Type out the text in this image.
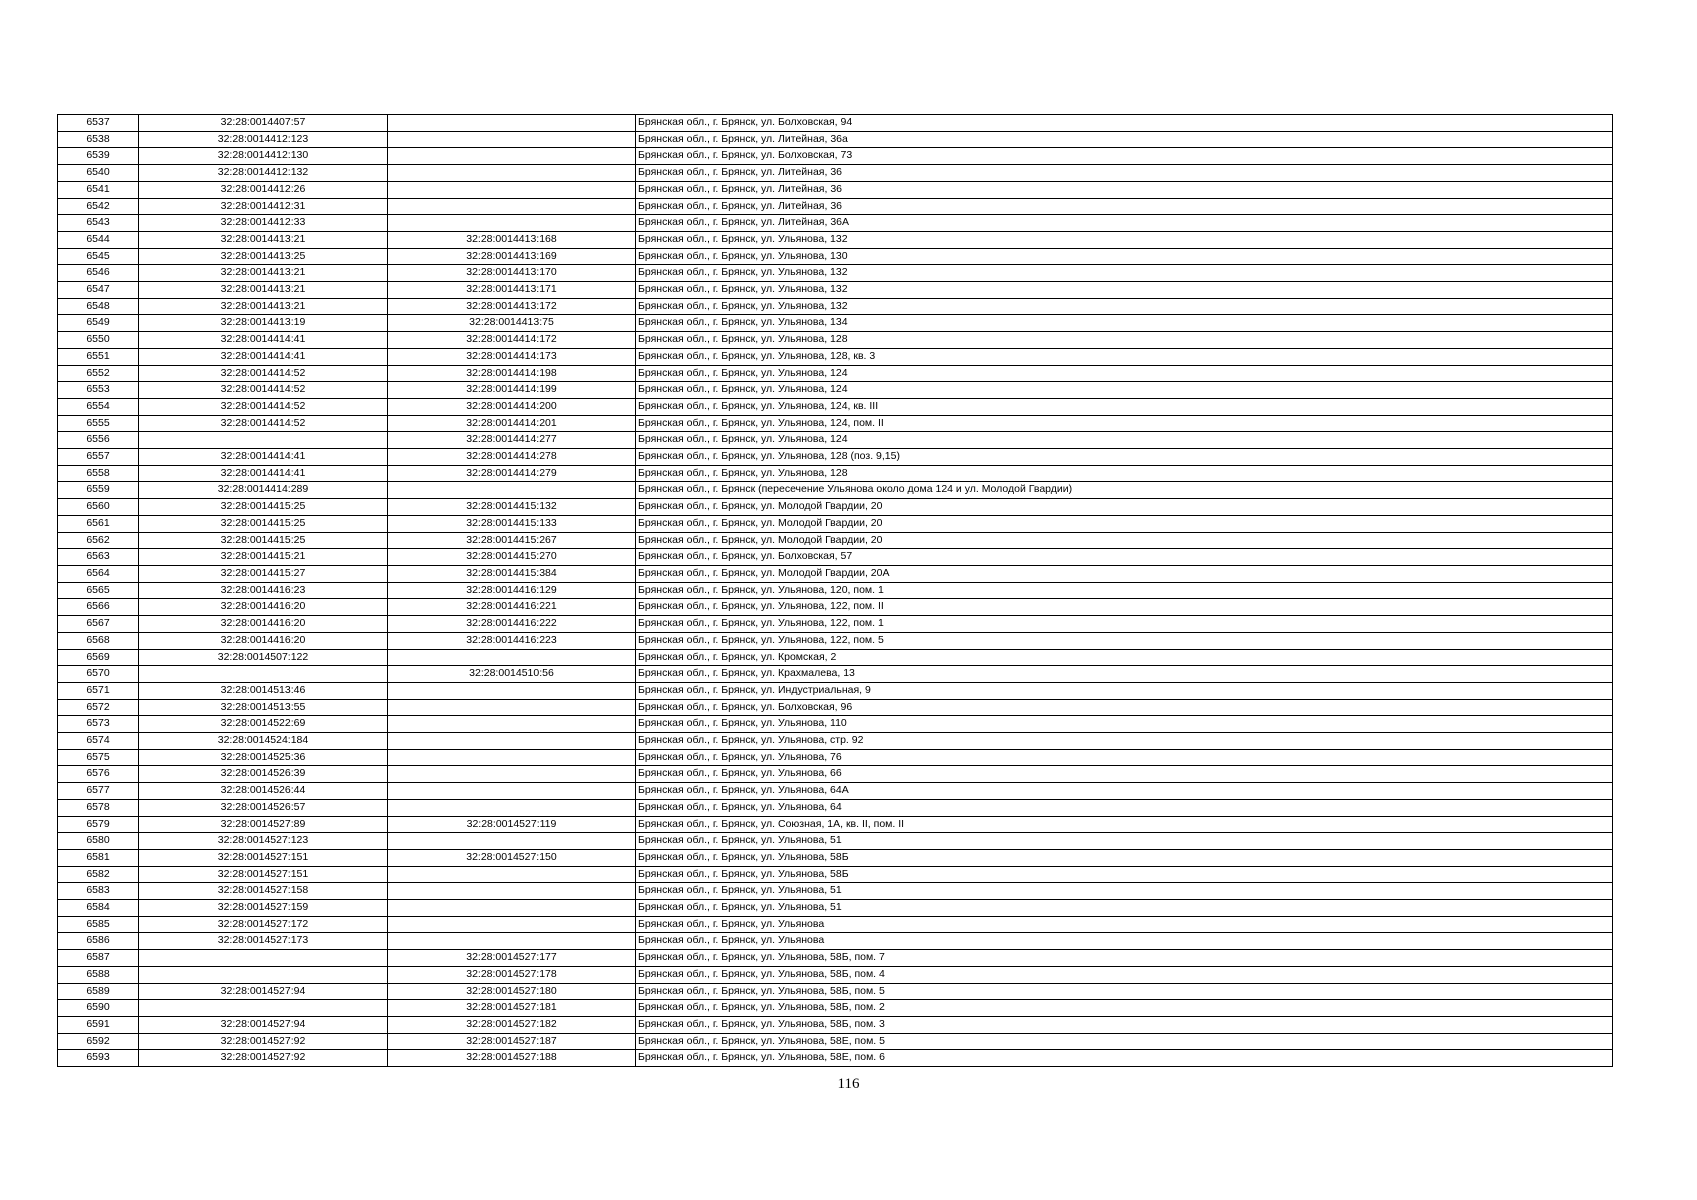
6537	32:28:0014407:57		Брянская обл., г. Брянск, ул. Болховская, 94
6538	32:28:0014412:123		Брянская обл., г. Брянск, ул. Литейная, 36а
6539	32:28:0014412:130		Брянская обл., г. Брянск, ул. Болховская, 73
6540	32:28:0014412:132		Брянская обл., г. Брянск, ул. Литейная, 36
6541	32:28:0014412:26		Брянская обл., г. Брянск, ул. Литейная, 36
6542	32:28:0014412:31		Брянская обл., г. Брянск, ул. Литейная, 36
6543	32:28:0014412:33		Брянская обл., г. Брянск, ул. Литейная, 36А
6544	32:28:0014413:21	32:28:0014413:168	Брянская обл., г. Брянск, ул. Ульянова, 132
6545	32:28:0014413:25	32:28:0014413:169	Брянская обл., г. Брянск, ул. Ульянова, 130
6546	32:28:0014413:21	32:28:0014413:170	Брянская обл., г. Брянск, ул. Ульянова, 132
6547	32:28:0014413:21	32:28:0014413:171	Брянская обл., г. Брянск, ул. Ульянова, 132
6548	32:28:0014413:21	32:28:0014413:172	Брянская обл., г. Брянск, ул. Ульянова, 132
6549	32:28:0014413:19	32:28:0014413:75	Брянская обл., г. Брянск, ул. Ульянова, 134
6550	32:28:0014414:41	32:28:0014414:172	Брянская обл., г. Брянск, ул. Ульянова, 128
6551	32:28:0014414:41	32:28:0014414:173	Брянская обл., г. Брянск, ул. Ульянова, 128, кв. 3
6552	32:28:0014414:52	32:28:0014414:198	Брянская обл., г. Брянск, ул. Ульянова, 124
6553	32:28:0014414:52	32:28:0014414:199	Брянская обл., г. Брянск, ул. Ульянова, 124
6554	32:28:0014414:52	32:28:0014414:200	Брянская обл., г. Брянск, ул. Ульянова, 124, кв. III
6555	32:28:0014414:52	32:28:0014414:201	Брянская обл., г. Брянск, ул. Ульянова, 124, пом. II
6556		32:28:0014414:277	Брянская обл., г. Брянск, ул. Ульянова, 124
6557	32:28:0014414:41	32:28:0014414:278	Брянская обл., г. Брянск, ул. Ульянова, 128 (поз. 9,15)
6558	32:28:0014414:41	32:28:0014414:279	Брянская обл., г. Брянск, ул. Ульянова, 128
6559	32:28:0014414:289		Брянская обл., г. Брянск (пересечение Ульянова около дома 124 и ул. Молодой Гвардии)
6560	32:28:0014415:25	32:28:0014415:132	Брянская обл., г. Брянск, ул. Молодой Гвардии, 20
6561	32:28:0014415:25	32:28:0014415:133	Брянская обл., г. Брянск, ул. Молодой Гвардии, 20
6562	32:28:0014415:25	32:28:0014415:267	Брянская обл., г. Брянск, ул. Молодой Гвардии, 20
6563	32:28:0014415:21	32:28:0014415:270	Брянская обл., г. Брянск, ул. Болховская, 57
6564	32:28:0014415:27	32:28:0014415:384	Брянская обл., г. Брянск, ул. Молодой Гвардии, 20А
6565	32:28:0014416:23	32:28:0014416:129	Брянская обл., г. Брянск, ул. Ульянова, 120, пом. 1
6566	32:28:0014416:20	32:28:0014416:221	Брянская обл., г. Брянск, ул. Ульянова, 122, пом. II
6567	32:28:0014416:20	32:28:0014416:222	Брянская обл., г. Брянск, ул. Ульянова, 122, пом. 1
6568	32:28:0014416:20	32:28:0014416:223	Брянская обл., г. Брянск, ул. Ульянова, 122, пом. 5
6569	32:28:0014507:122		Брянская обл., г. Брянск, ул. Кромская, 2
6570		32:28:0014510:56	Брянская обл., г. Брянск, ул. Крахмалева, 13
6571	32:28:0014513:46		Брянская обл., г. Брянск, ул. Индустриальная, 9
6572	32:28:0014513:55		Брянская обл., г. Брянск, ул. Болховская, 96
6573	32:28:0014522:69		Брянская обл., г. Брянск, ул. Ульянова, 110
6574	32:28:0014524:184		Брянская обл., г. Брянск, ул. Ульянова, стр. 92
6575	32:28:0014525:36		Брянская обл., г. Брянск, ул. Ульянова, 76
6576	32:28:0014526:39		Брянская обл., г. Брянск, ул. Ульянова, 66
6577	32:28:0014526:44		Брянская обл., г. Брянск, ул. Ульянова, 64А
6578	32:28:0014526:57		Брянская обл., г. Брянск, ул. Ульянова, 64
6579	32:28:0014527:89	32:28:0014527:119	Брянская обл., г. Брянск, ул. Союзная, 1А, кв. II, пом. II
6580	32:28:0014527:123		Брянская обл., г. Брянск, ул. Ульянова, 51
6581	32:28:0014527:151	32:28:0014527:150	Брянская обл., г. Брянск, ул. Ульянова, 58Б
6582	32:28:0014527:151		Брянская обл., г. Брянск, ул. Ульянова, 58Б
6583	32:28:0014527:158		Брянская обл., г. Брянск, ул. Ульянова, 51
6584	32:28:0014527:159		Брянская обл., г. Брянск, ул. Ульянова, 51
6585	32:28:0014527:172		Брянская обл., г. Брянск, ул. Ульянова
6586	32:28:0014527:173		Брянская обл., г. Брянск, ул. Ульянова
6587		32:28:0014527:177	Брянская обл., г. Брянск, ул. Ульянова, 58Б, пом. 7
6588		32:28:0014527:178	Брянская обл., г. Брянск, ул. Ульянова, 58Б, пом. 4
6589	32:28:0014527:94	32:28:0014527:180	Брянская обл., г. Брянск, ул. Ульянова, 58Б, пом. 5
6590		32:28:0014527:181	Брянская обл., г. Брянск, ул. Ульянова, 58Б, пом. 2
6591	32:28:0014527:94	32:28:0014527:182	Брянская обл., г. Брянск, ул. Ульянова, 58Б, пом. 3
6592	32:28:0014527:92	32:28:0014527:187	Брянская обл., г. Брянск, ул. Ульянова, 58Е, пом. 5
6593	32:28:0014527:92	32:28:0014527:188	Брянская обл., г. Брянск, ул. Ульянова, 58Е, пом. 6
116
